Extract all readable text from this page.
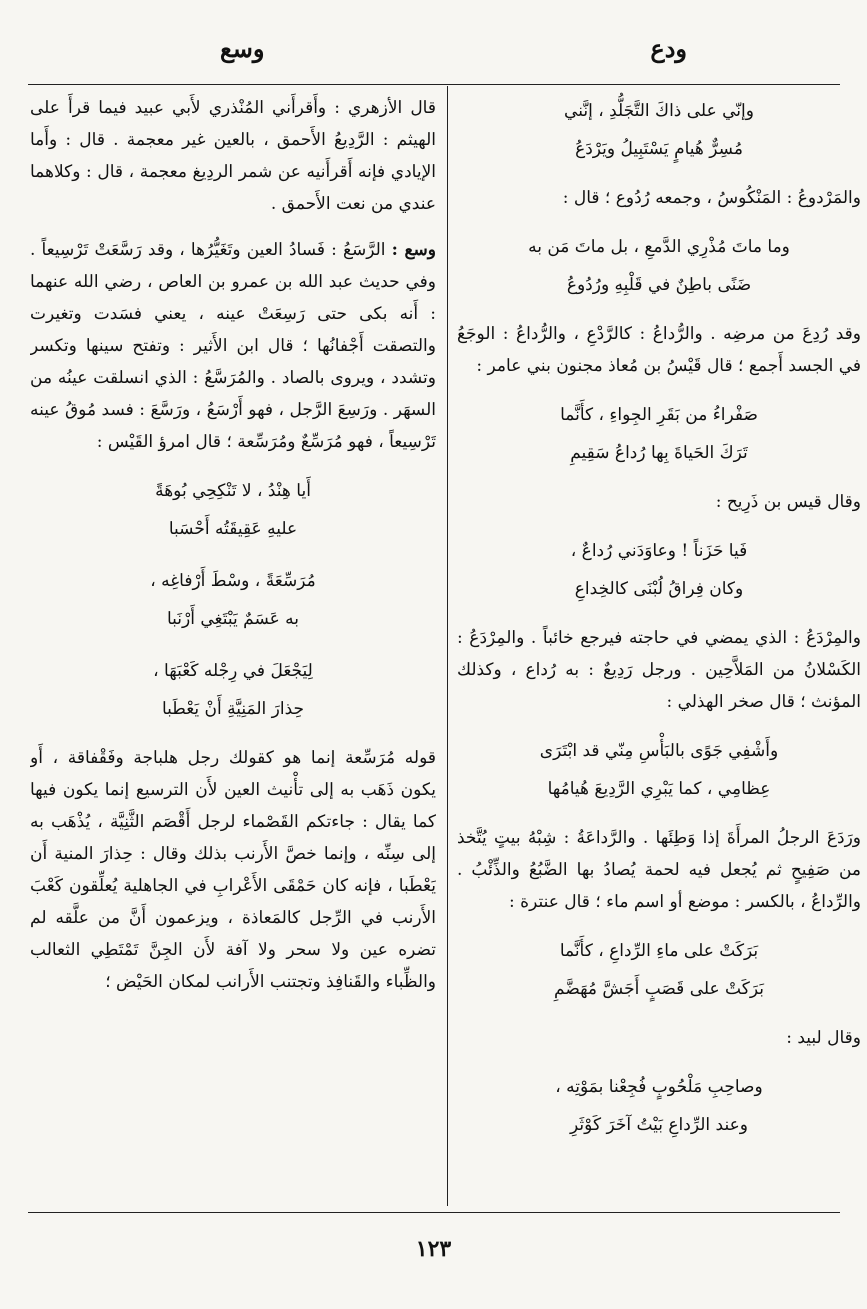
ودع
وسع

وإنّي على ذاكَ التَّجَلُّدِ ، إنَّني

مُسِرٌّ هُيامٍ يَسْتَبِيلُ ويَرْدَعُ

والمَرْدوعُ : المَنْكُوسُ ، وجمعه رُدُوع ؛ قال :

وما ماتَ مُذْرِي الدَّمعِ ، بل ماتَ مَن به

ضَنًى باطِنٌ في قَلْبِهِ ورُدُوعُ

وقد رُدِعَ من مرضِه . والرُّداعُ : كالرَّدْعِ ، والرُّداعُ : الوجَعُ في الجسد أَجمع ؛ قال قَيْسُ بن مُعاذ مجنون بني عامر :

صَفْراءُ من بَقَرِ الجِواءِ ، كأَنَّما

تَرَكَ الحَياةَ بِها رُداعُ سَقِيمِ

وقال قيس بن ذَرِيح :

فَيا حَزَناً ! وعاوَدَني رُداعٌ ،

وكان فِراقُ لُبْنَى كالخِداعِ

والمِرْدَعُ : الذي يمضي في حاجته فيرجع خائباً . والمِرْدَعُ : الكَسْلانُ من المَلاَّحِين . ورجل رَدِيعٌ : به رُداع ، وكذلك المؤنث ؛ قال صخر الهذلي :

وأَشْفِي جَوًى بالبَأْسِ مِنّي قد ابْتَرَى

عِظامِي ، كما يَبْرِي الرَّدِيعَ هُيامُها

ورَدَعَ الرجلُ المرأَةَ إذا وَطِئَها . والرَّداعَةُ : شِبْهُ بيتٍ يُتَّخذ من صَفِيحٍ ثم يُجعل فيه لحمة يُصادُ بها الضَّبُعُ والذِّئْبُ . والرِّداعُ ، بالكسر : موضع أو اسم ماء ؛ قال عنترة :

بَرَكَتْ على ماءِ الرِّداعِ ، كأَنَّما

بَرَكَتْ على قَصَبٍ أَجَشَّ مُهَضَّمِ

وقال لبيد :

وصاحِبِ مَلْحُوبٍ فُجِعْنا بمَوْتِه ،

وعند الرِّداعِ بَيْتُ آخَرَ كَوْثَرِ

قال الأزهري : وأَقرأَني المُنْذري لأَبي عبيد فيما قرأَ على الهيثم : الرَّدِيعُ الأَحمق ، بالعين غير معجمة . قال : وأَما الإيادي فإنه أَقرأَنيه عن شمر الردِيغ معجمة ، قال : وكلاهما عندي من نعت الأَحمق .

وسع : الرَّسَعُ : فَسادُ العين وتَغَيُّرُها ، وقد رَسَّعَتْ تَرْسِيعاً . وفي حديث عبد الله بن عمرو بن العاص ، رضي الله عنهما : أَنه بكى حتى رَسِعَتْ عينه ، يعني فسَدت وتغيرت والتصقت أَجْفانُها ؛ قال ابن الأَثير : وتفتح سينها وتكسر وتشدد ، ويروى بالصاد . والمُرَسَّعُ : الذي انسلقت عينُه من السهَر . ورَسِعَ الرَّجل ، فهو أَرْسَعُ ، ورَسَّعَ : فسد مُوقُ عينه تَرْسِيعاً ، فهو مُرَسِّعٌ ومُرَسِّعة ؛ قال امرؤ القَيْس :

أَيا هِنْدُ ، لا تَنْكِحِي بُوهَةً

عليهِ عَقِيقَتُه أَحْسَبا

مُرَسِّعَةً ، وسْطَ أَرْفاغِه ،

به عَسَمٌ يَبْتَغِي أَرْنَبا

لِيَجْعَلَ في رِجْله كَعْبَهَا ،

حِذارَ المَنِيَّةِ أَنْ يَعْطَبا

قوله مُرَسِّعة إنما هو كقولك رجل هلباجة وفَقْفاقة ، أَو يكون ذَهَب به إلى تأْنيث العين لأَن الترسيع إنما يكون فيها كما يقال : جاءتكم القَصْماء لرجل أَقْصَم الثَّنِيَّة ، يُذْهَب به إلى سِنِّه ، وإنما خصَّ الأَرنب بذلك وقال : حِذارَ المنية أَن يَعْطَبا ، فإنه كان حَمْقَى الأَعْرابِ في الجاهلية يُعلِّقون كَعْبَ الأَرنب في الرِّجل كالمَعاذة ، ويزعمون أَنَّ من علَّقه لم تضره عين ولا سحر ولا آفة لأَن الجِنَّ تَمْتَطِي الثعالب والظِّباء والقَنافِذ وتجتنب الأَرانب لمكان الحَيْض ؛

١٢٣
